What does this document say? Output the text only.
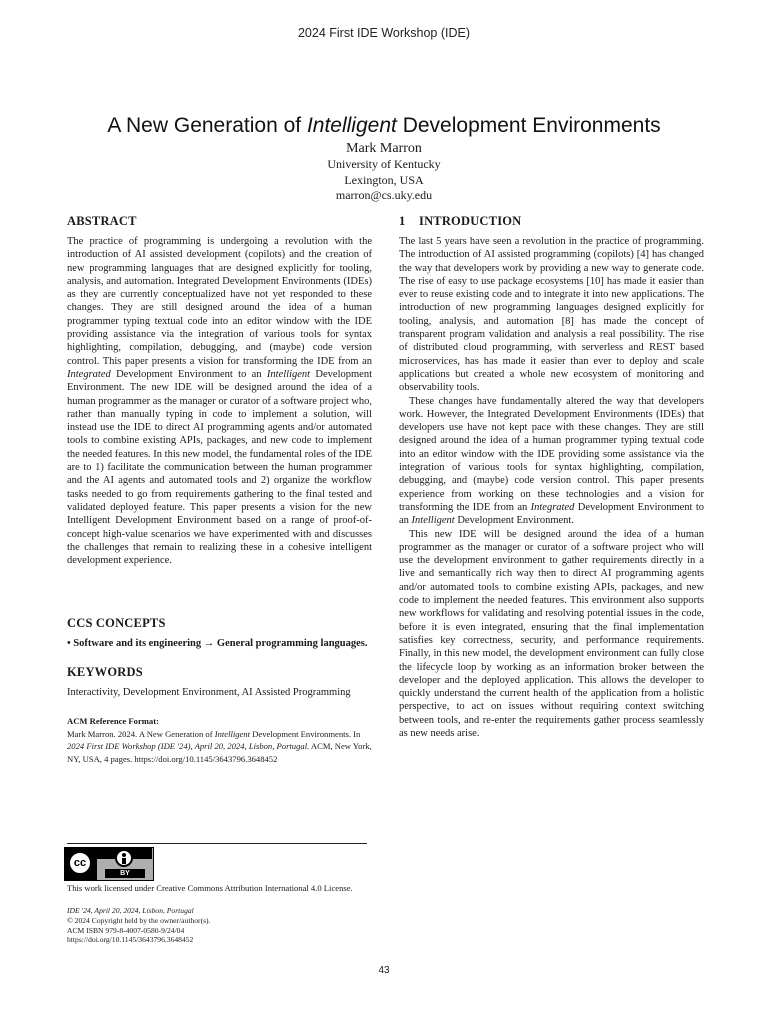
2024 First IDE Workshop (IDE)
A New Generation of Intelligent Development Environments
Mark Marron
University of Kentucky
Lexington, USA
marron@cs.uky.edu
ABSTRACT

The practice of programming is undergoing a revolution with the introduction of AI assisted development (copilots) and the creation of new programming languages that are designed explicitly for tooling, analysis, and automation. Integrated Development Environments (IDEs) as they are currently conceptualized have not yet responded to these changes. They are still designed around the idea of a human programmer typing textual code into an editor window with the IDE providing assistance via the integration of various tools for syntax highlighting, compilation, debugging, and (maybe) code version control. This paper presents a vision for transforming the IDE from an Integrated Development Environment to an Intelligent Development Environment. The new IDE will be designed around the idea of a human programmer as the manager or curator of a software project who, rather than manually typing in code to implement a solution, will instead use the IDE to direct AI programming agents and/or automated tools to combine existing APIs, packages, and new code to implement the needed features. In this new model, the fundamental roles of the IDE are to 1) facilitate the communication between the human programmer and the AI agents and automated tools and 2) organize the workflow tasks needed to go from requirements gathering to the final tested and validated deployed feature. This paper presents a vision for the new Intelligent Development Environment based on a range of proof-of-concept high-value scenarios we have experimented with and discusses the challenges that remain to realizing these in a cohesive intelligent development experience.

CCS CONCEPTS
• Software and its engineering → General programming languages.
KEYWORDS
Interactivity, Development Environment, AI Assisted Programming
ACM Reference Format:
Mark Marron. 2024. A New Generation of Intelligent Development Environments. In 2024 First IDE Workshop (IDE '24), April 20, 2024, Lisbon, Portugal. ACM, New York, NY, USA, 4 pages. https://doi.org/10.1145/3643796.3648452
cc
BY
This work licensed under Creative Commons Attribution International 4.0 License.
IDE '24, April 20, 2024, Lisbon, Portugal
© 2024 Copyright held by the owner/author(s).
ACM ISBN 979-8-4007-0580-9/24/04
https://doi.org/10.1145/3643796.3648452
1 INTRODUCTION

The last 5 years have seen a revolution in the practice of programming. The introduction of AI assisted programming (copilots) [4] has changed the way that developers work by providing a new way to generate code. The rise of easy to use package ecosystems [10] has made it easier than ever to reuse existing code and to integrate it into new applications. The introduction of new programming languages designed explicitly for tooling, analysis, and automation [8] has made the concept of transparent program validation and analysis a real possibility. The rise of distributed cloud programming, with serverless and REST based microservices, has has made it easier than ever to deploy and scale applications but created a whole new ecosystem of monitoring and observability tools.

These changes have fundamentally altered the way that developers work. However, the Integrated Development Environments (IDEs) that developers use have not kept pace with these changes. They are still designed around the idea of a human programmer typing textual code into an editor window with the IDE providing some assistance via the integration of various tools for syntax highlighting, compilation, debugging, and (maybe) code version control. This paper presents experience from working on these technologies and a vision for transforming the IDE from an Integrated Development Environment to an Intelligent Development Environment.

This new IDE will be designed around the idea of a human programmer as the manager or curator of a software project who will use the development environment to gather requirements directly in a live and semantically rich way then to direct AI programming agents and/or automated tools to combine existing APIs, packages, and new code to implement the needed features. This environment also supports new workflows for validating and resolving potential issues in the code, before it is even integrated, ensuring that the final implementation satisfies key correctness, security, and performance requirements. Finally, in this new model, the development environment can fully close the lifecycle loop by working as an information broker between the developer and the deployed application. This allows the developer to quickly understand the current health of the application from a holistic perspective, to act on issues without requiring context switching between tools, and re-enter the requirements gather process seamlessly as new needs arise.

43
